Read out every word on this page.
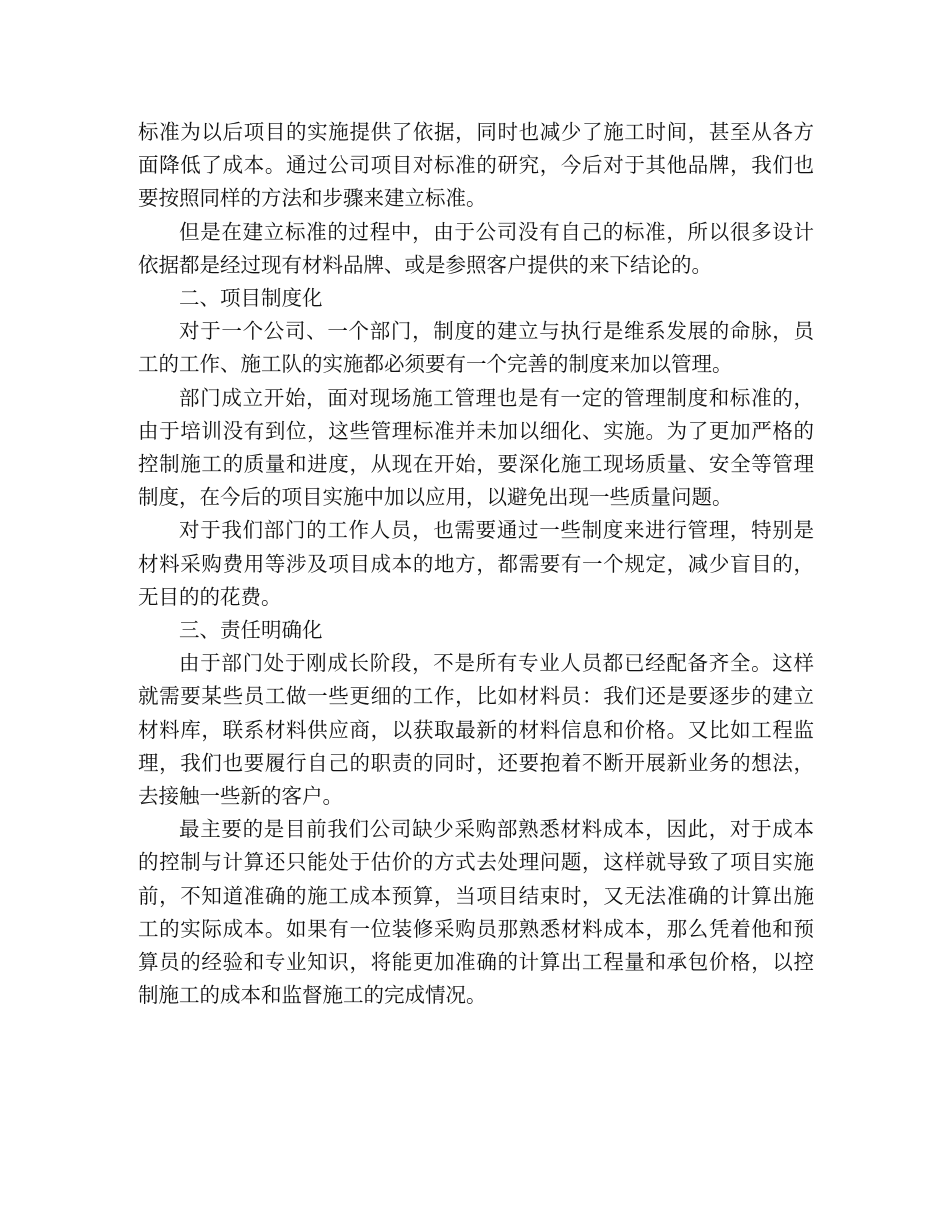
标准为以后项目的实施提供了依据，同时也减少了施工时间，甚至从各方面降低了成本。通过公司项目对标准的研究，今后对于其他品牌，我们也要按照同样的方法和步骤来建立标准。

但是在建立标准的过程中，由于公司没有自己的标准，所以很多设计依据都是经过现有材料品牌、或是参照客户提供的来下结论的。

二、项目制度化

对于一个公司、一个部门，制度的建立与执行是维系发展的命脉，员工的工作、施工队的实施都必须要有一个完善的制度来加以管理。

部门成立开始，面对现场施工管理也是有一定的管理制度和标准的，由于培训没有到位，这些管理标准并未加以细化、实施。为了更加严格的控制施工的质量和进度，从现在开始，要深化施工现场质量、安全等管理制度，在今后的项目实施中加以应用，以避免出现一些质量问题。

对于我们部门的工作人员，也需要通过一些制度来进行管理，特别是材料采购费用等涉及项目成本的地方，都需要有一个规定，减少盲目的，无目的的花费。

三、责任明确化

由于部门处于刚成长阶段，不是所有专业人员都已经配备齐全。这样就需要某些员工做一些更细的工作，比如材料员：我们还是要逐步的建立材料库，联系材料供应商，以获取最新的材料信息和价格。又比如工程监理，我们也要履行自己的职责的同时，还要抱着不断开展新业务的想法，去接触一些新的客户。

最主要的是目前我们公司缺少采购部熟悉材料成本，因此，对于成本的控制与计算还只能处于估价的方式去处理问题，这样就导致了项目实施前，不知道准确的施工成本预算，当项目结束时，又无法准确的计算出施工的实际成本。如果有一位装修采购员那熟悉材料成本，那么凭着他和预算员的经验和专业知识，将能更加准确的计算出工程量和承包价格，以控制施工的成本和监督施工的完成情况。
